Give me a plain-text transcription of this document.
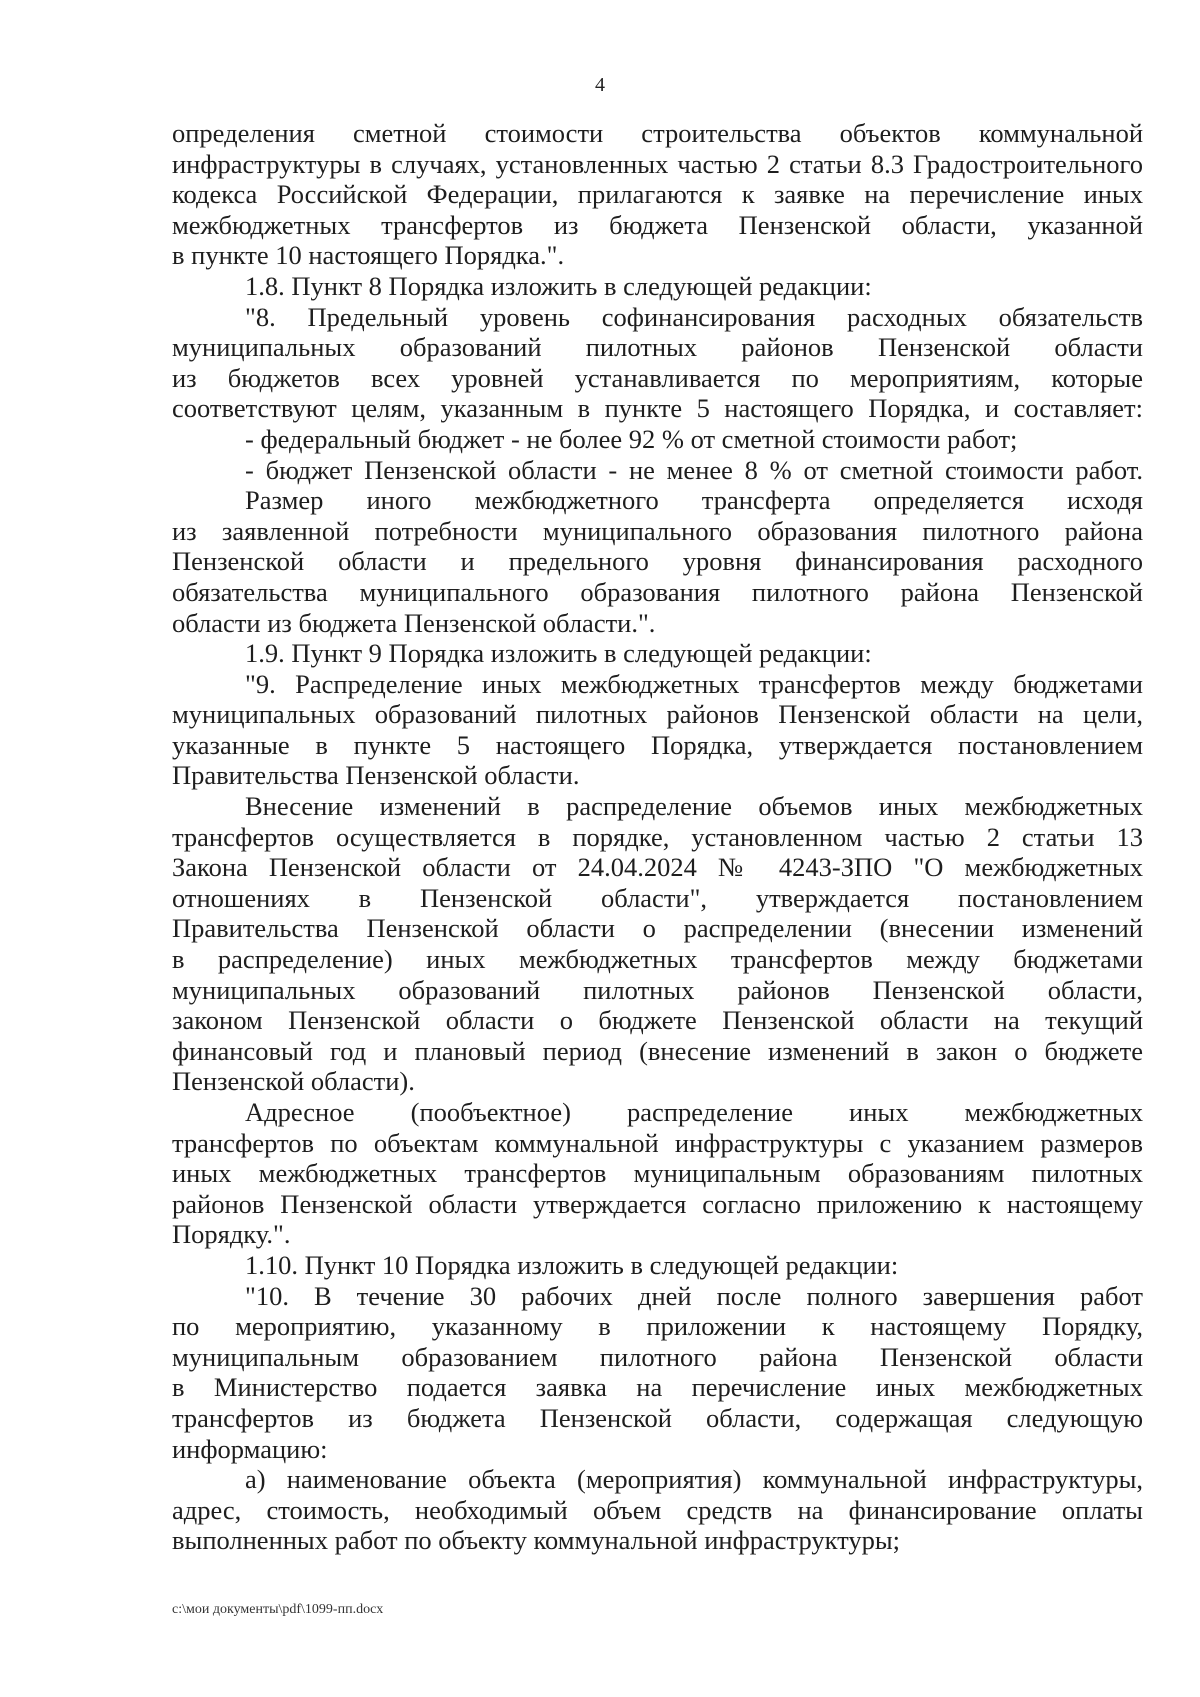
4
определения сметной стоимости строительства объектов коммунальной
инфраструктуры в случаях, установленных частью 2 статьи 8.3 Градостроительного
кодекса Российской Федерации, прилагаются к заявке на перечисление иных
межбюджетных трансфертов из бюджета Пензенской области, указанной
в пункте 10 настоящего Порядка.".
1.8. Пункт 8 Порядка изложить в следующей редакции:
"8. Предельный уровень софинансирования расходных обязательств
муниципальных образований пилотных районов Пензенской области
из бюджетов всех уровней устанавливается по мероприятиям, которые
соответствуют целям, указанным в пункте 5 настоящего Порядка, и составляет:
- федеральный бюджет - не более 92 % от сметной стоимости работ;
- бюджет Пензенской области - не менее 8 % от сметной стоимости работ.
Размер иного межбюджетного трансферта определяется исходя
из заявленной потребности муниципального образования пилотного района
Пензенской области и предельного уровня финансирования расходного
обязательства муниципального образования пилотного района Пензенской
области из бюджета Пензенской области.".
1.9. Пункт 9 Порядка изложить в следующей редакции:
"9. Распределение иных межбюджетных трансфертов между бюджетами
муниципальных образований пилотных районов Пензенской области на цели,
указанные в пункте 5 настоящего Порядка, утверждается постановлением
Правительства Пензенской области.
Внесение изменений в распределение объемов иных межбюджетных
трансфертов осуществляется в порядке, установленном частью 2 статьи 13
Закона Пензенской области от 24.04.2024 № 4243-ЗПО "О межбюджетных
отношениях в Пензенской области", утверждается постановлением
Правительства Пензенской области о распределении (внесении изменений
в распределение) иных межбюджетных трансфертов между бюджетами
муниципальных образований пилотных районов Пензенской области,
законом Пензенской области о бюджете Пензенской области на текущий
финансовый год и плановый период (внесение изменений в закон о бюджете
Пензенской области).
Адресное (пообъектное) распределение иных межбюджетных
трансфертов по объектам коммунальной инфраструктуры с указанием размеров
иных межбюджетных трансфертов муниципальным образованиям пилотных
районов Пензенской области утверждается согласно приложению к настоящему
Порядку.".
1.10. Пункт 10 Порядка изложить в следующей редакции:
"10. В течение 30 рабочих дней после полного завершения работ
по мероприятию, указанному в приложении к настоящему Порядку,
муниципальным образованием пилотного района Пензенской области
в Министерство подается заявка на перечисление иных межбюджетных
трансфертов из бюджета Пензенской области, содержащая следующую
информацию:
а) наименование объекта (мероприятия) коммунальной инфраструктуры,
адрес, стоимость, необходимый объем средств на финансирование оплаты
выполненных работ по объекту коммунальной инфраструктуры;
c:\мои документы\pdf\1099-пп.docx
